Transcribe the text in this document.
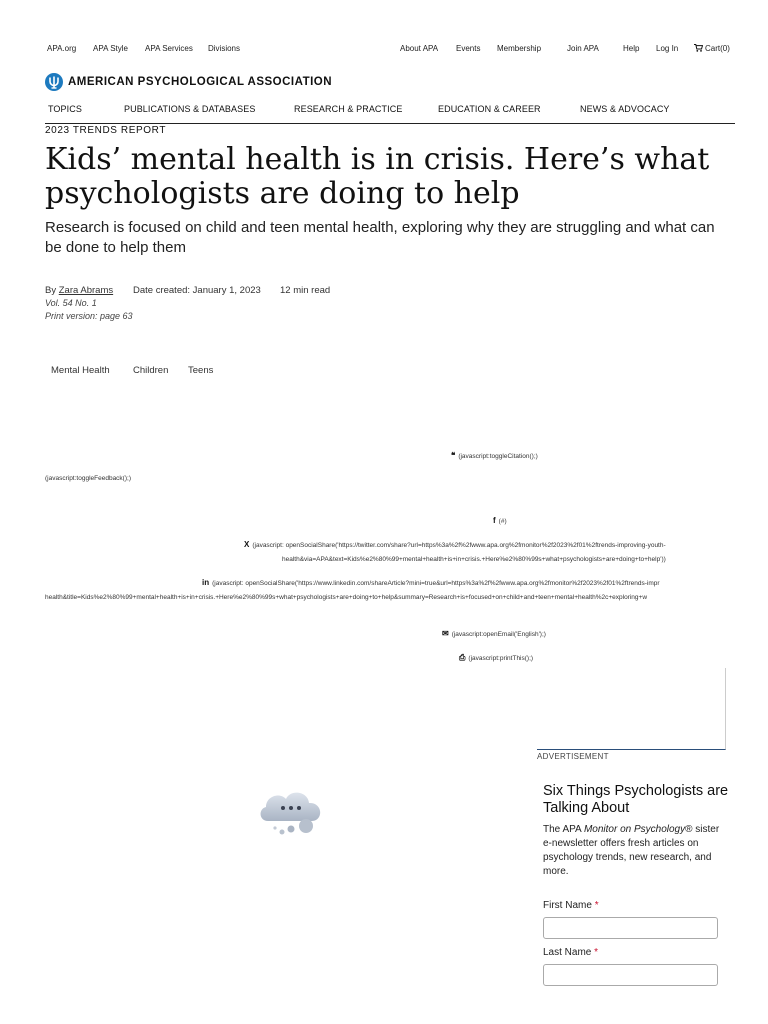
APA.org APA Style APA Services Divisions	About APA Events Membership	Join APA	Help Log In	Cart(0)
AMERICAN PSYCHOLOGICAL ASSOCIATION
TOPICS	PUBLICATIONS & DATABASES	RESEARCH & PRACTICE	EDUCATION & CAREER	NEWS & ADVOCACY
2023 TRENDS REPORT
Kids’ mental health is in crisis. Here’s what psychologists are doing to help
Research is focused on child and teen mental health, exploring why they are struggling and what can be done to help them
By Zara Abrams Date created: January 1, 2023 12 min read
Vol. 54 No. 1
Print version: page 63
Mental Health Children Teens
❝ (javascript:toggleCitation();)
(javascript:toggleFeedback();)
f (#)
X (javascript: openSocialShare('https://twitter.com/share?url=https%3a%2f%2fwww.apa.org%2fmonitor%2f2023%2f01%2ftrends-improving-youth-
health&via=APA&text=Kids%e2%80%99+mental+health+is+in+crisis.+Here%e2%80%99s+what+psychologists+are+doing+to+help'))
in (javascript: openSocialShare('https://www.linkedin.com/shareArticle?mini=true&url=https%3a%2f%2fwww.apa.org%2fmonitor%2f2023%2f01%2ftrends-impr
health&title=Kids%e2%80%99+mental+health+is+in+crisis.+Here%e2%80%99s+what+psychologists+are+doing+to+help&summary=Research+is+focused+on+child+and+teen+mental+health%2c+exploring+w
✉ (javascript:openEmail('English');)
⎙ (javascript:printThis();)
ADVERTISEMENT
Six Things Psychologists are Talking About
The APA Monitor on Psychology® sister e-newsletter offers fresh articles on psychology trends, new research, and more.
First Name *
Last Name *
